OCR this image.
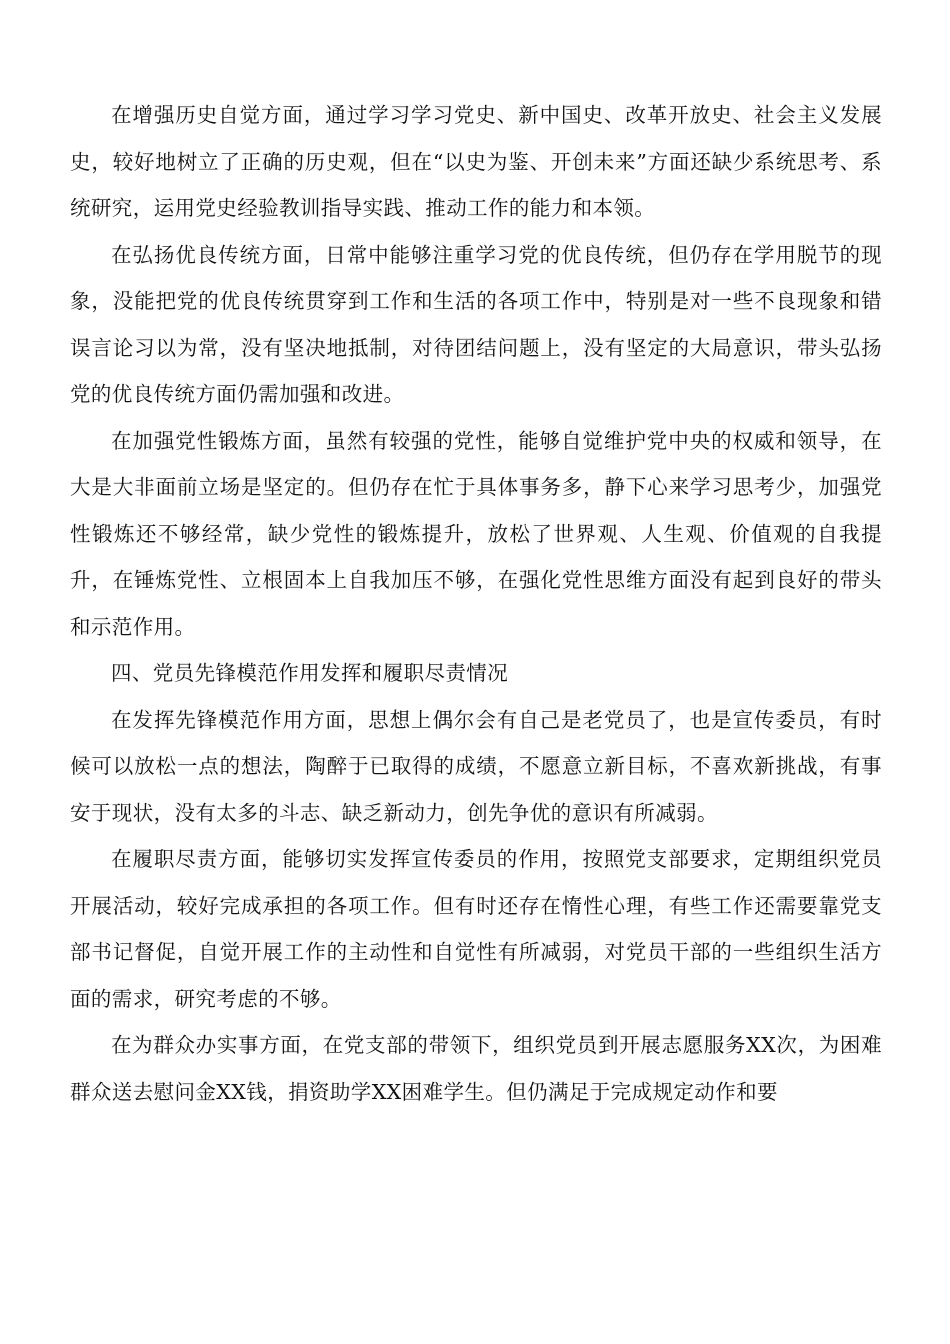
在增强历史自觉方面，通过学习学习党史、新中国史、改革开放史、社会主义发展史，较好地树立了正确的历史观，但在“以史为鉴、开创未来”方面还缺少系统思考、系统研究，运用党史经验教训指导实践、推动工作的能力和本领。

在弘扬优良传统方面，日常中能够注重学习党的优良传统，但仍存在学用脱节的现象，没能把党的优良传统贯穿到工作和生活的各项工作中，特别是对一些不良现象和错误言论习以为常，没有坚决地抵制，对待团结问题上，没有坚定的大局意识，带头弘扬党的优良传统方面仍需加强和改进。

在加强党性锻炼方面，虽然有较强的党性，能够自觉维护党中央的权威和领导，在大是大非面前立场是坚定的。但仍存在忙于具体事务多，静下心来学习思考少，加强党性锻炼还不够经常，缺少党性的锻炼提升，放松了世界观、人生观、价值观的自我提升，在锤炼党性、立根固本上自我加压不够，在强化党性思维方面没有起到良好的带头和示范作用。

四、党员先锋模范作用发挥和履职尽责情况

在发挥先锋模范作用方面，思想上偶尔会有自己是老党员了，也是宣传委员，有时候可以放松一点的想法，陶醉于已取得的成绩，不愿意立新目标，不喜欢新挑战，有事安于现状，没有太多的斗志、缺乏新动力，创先争优的意识有所减弱。

在履职尽责方面，能够切实发挥宣传委员的作用，按照党支部要求，定期组织党员开展活动，较好完成承担的各项工作。但有时还存在惰性心理，有些工作还需要靠党支部书记督促，自觉开展工作的主动性和自觉性有所减弱，对党员干部的一些组织生活方面的需求，研究考虑的不够。

在为群众办实事方面，在党支部的带领下，组织党员到开展志愿服务XX次，为困难群众送去慰问金XX钱，捐资助学XX困难学生。但仍满足于完成规定动作和要
